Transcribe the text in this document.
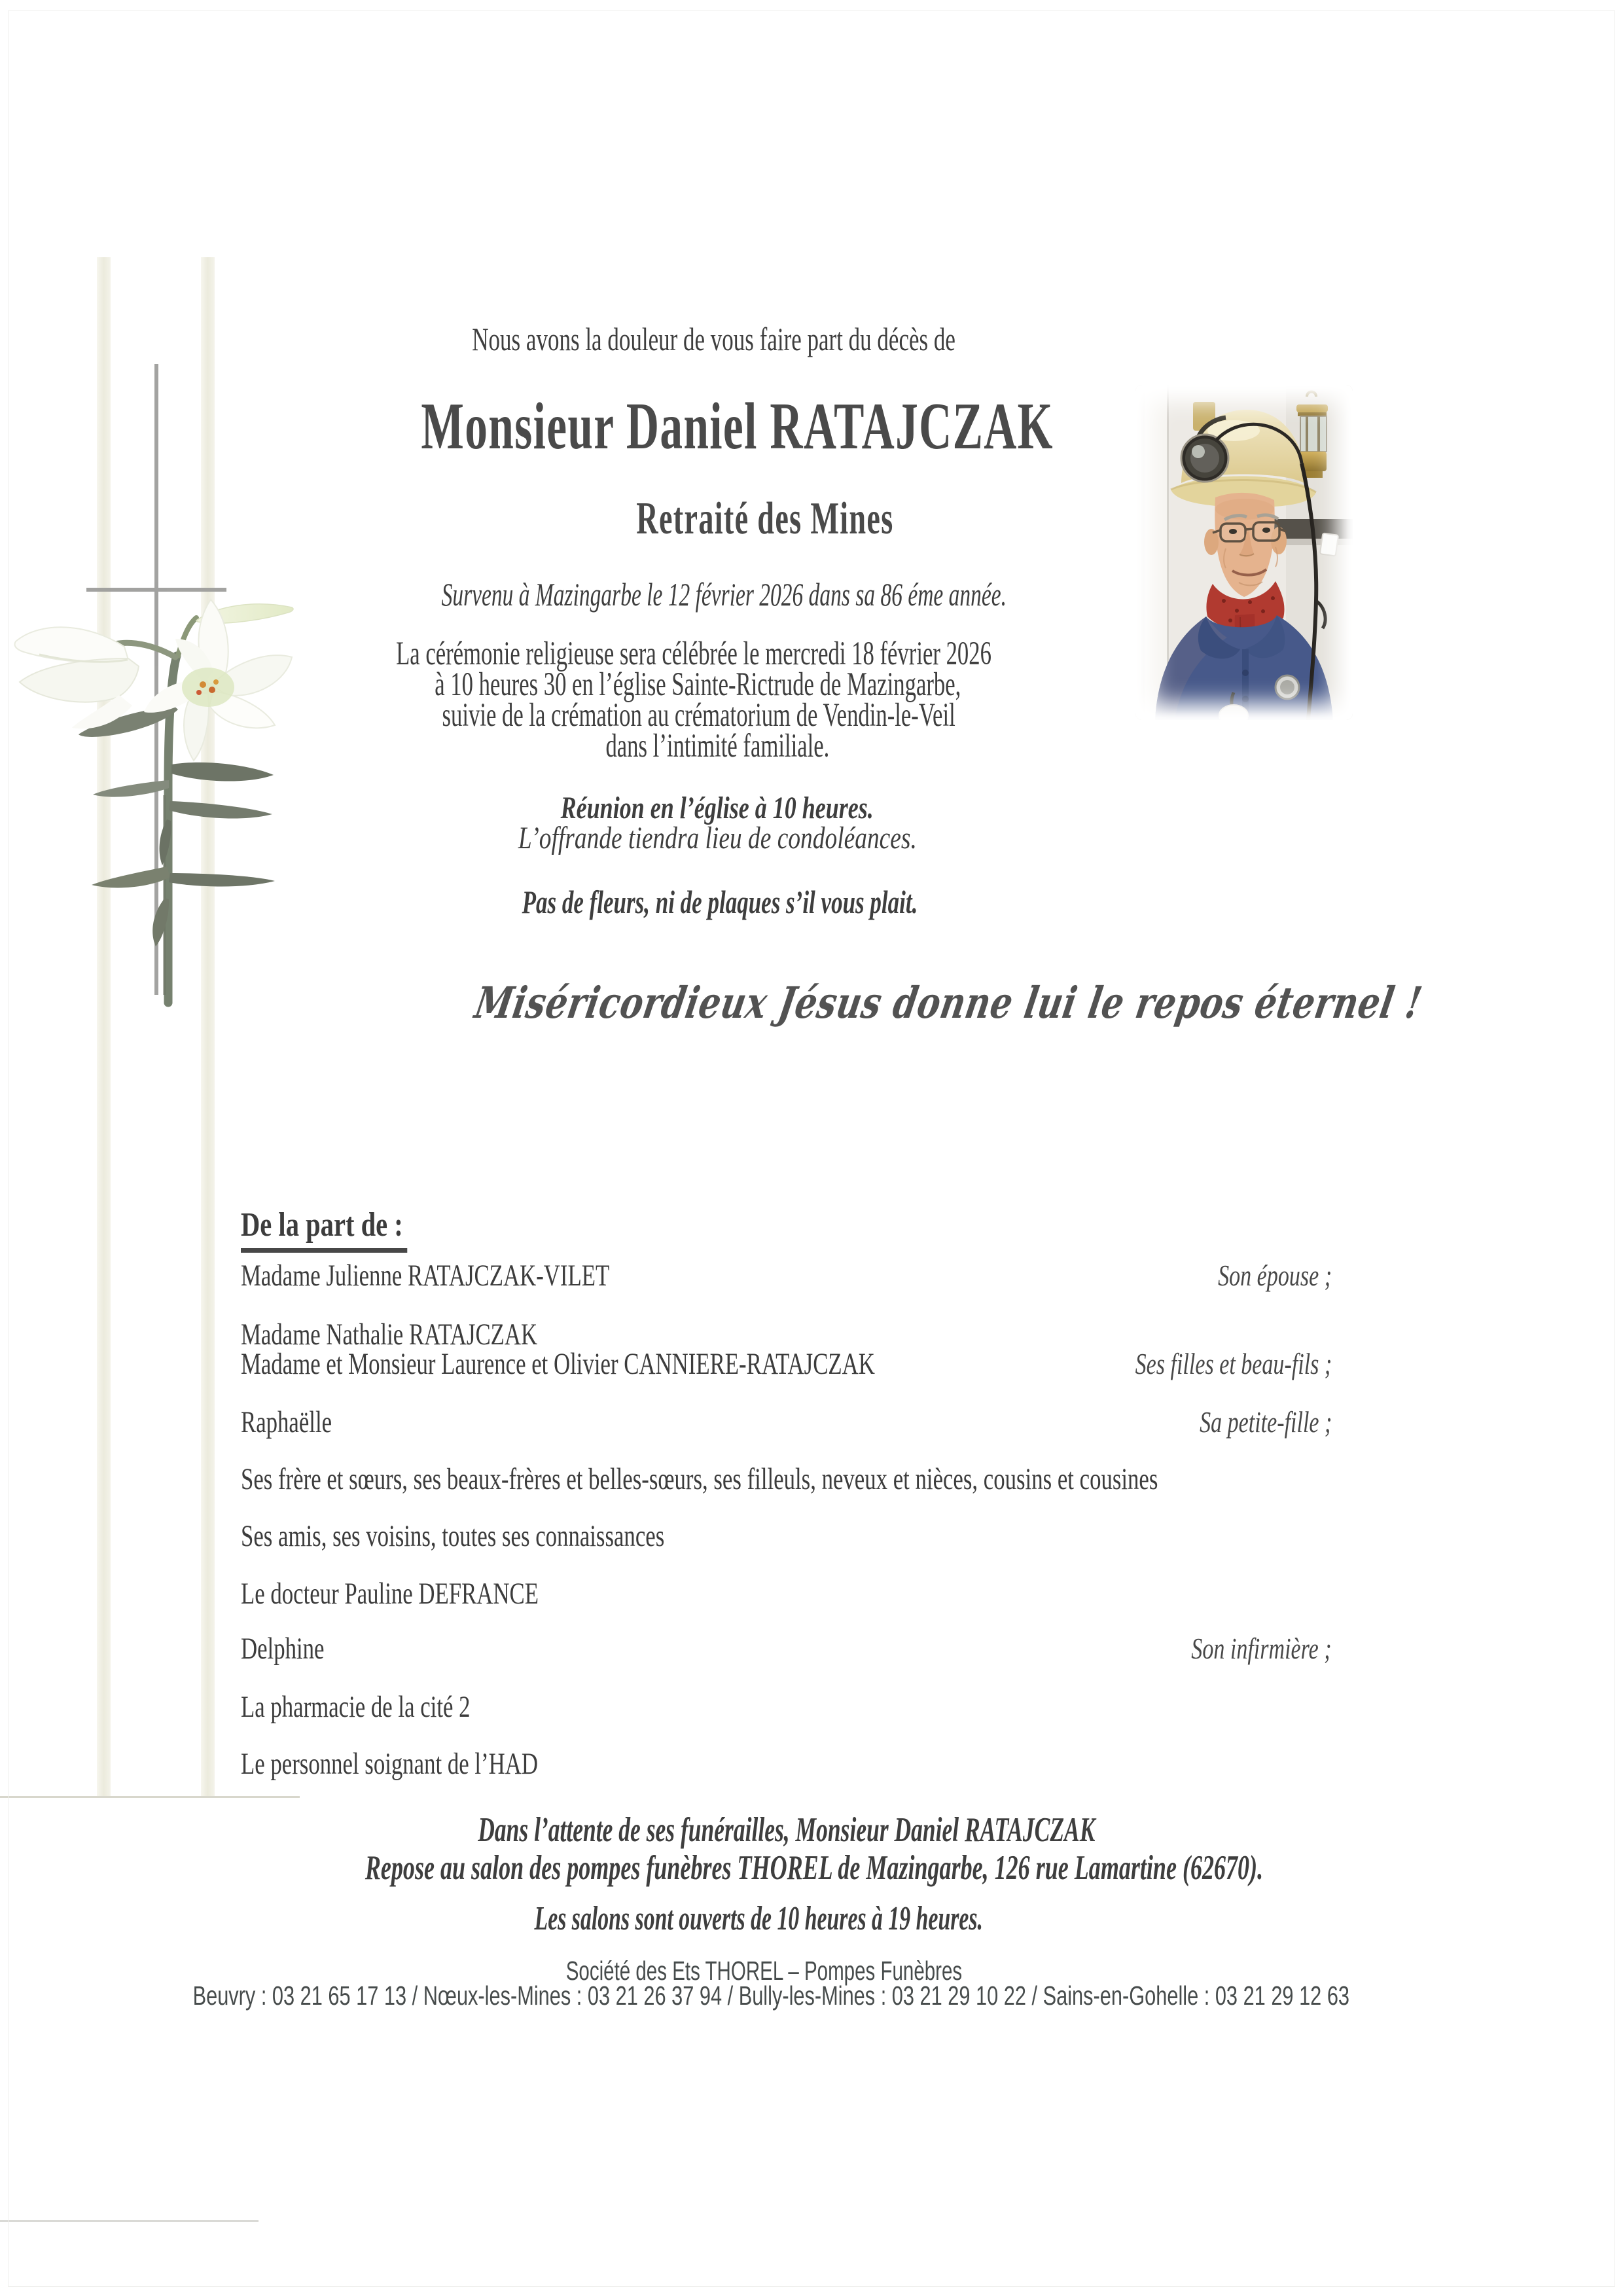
Nous avons la douleur de vous faire part du décès de
Monsieur Daniel RATAJCZAK
Retraité des Mines
Survenu à Mazingarbe le 12 février 2026 dans sa 86 éme année.
La cérémonie religieuse sera célébrée le mercredi 18 février 2026
à 10 heures 30 en l’église Sainte-Rictrude de Mazingarbe,
suivie de la crémation au crématorium de Vendin-le-Veil
dans l’intimité familiale.
Réunion en l’église à 10 heures.
L’offrande tiendra lieu de condoléances.
Pas de fleurs, ni de plaques s’il vous plait.
Miséricordieux Jésus donne lui le repos éternel !
De la part de :
Madame Julienne RATAJCZAK-VILET	Son épouse ;
Madame Nathalie RATAJCZAK
Madame et Monsieur Laurence et Olivier CANNIERE-RATAJCZAK	Ses filles et beau-fils ;
Raphaëlle	Sa petite-fille ;
Ses frère et sœurs, ses beaux-frères et belles-sœurs, ses filleuls, neveux et nièces, cousins et cousines
Ses amis, ses voisins, toutes ses connaissances
Le docteur Pauline DEFRANCE
Delphine	Son infirmière ;
La pharmacie de la cité 2
Le personnel soignant de l’HAD
Dans l’attente de ses funérailles, Monsieur Daniel RATAJCZAK
Repose au salon des pompes funèbres THOREL de Mazingarbe, 126 rue Lamartine (62670).
Les salons sont ouverts de 10 heures à 19 heures.
Société des Ets THOREL – Pompes Funèbres
Beuvry : 03 21 65 17 13 / Nœux-les-Mines : 03 21 26 37 94 / Bully-les-Mines : 03 21 29 10 22 / Sains-en-Gohelle : 03 21 29 12 63
